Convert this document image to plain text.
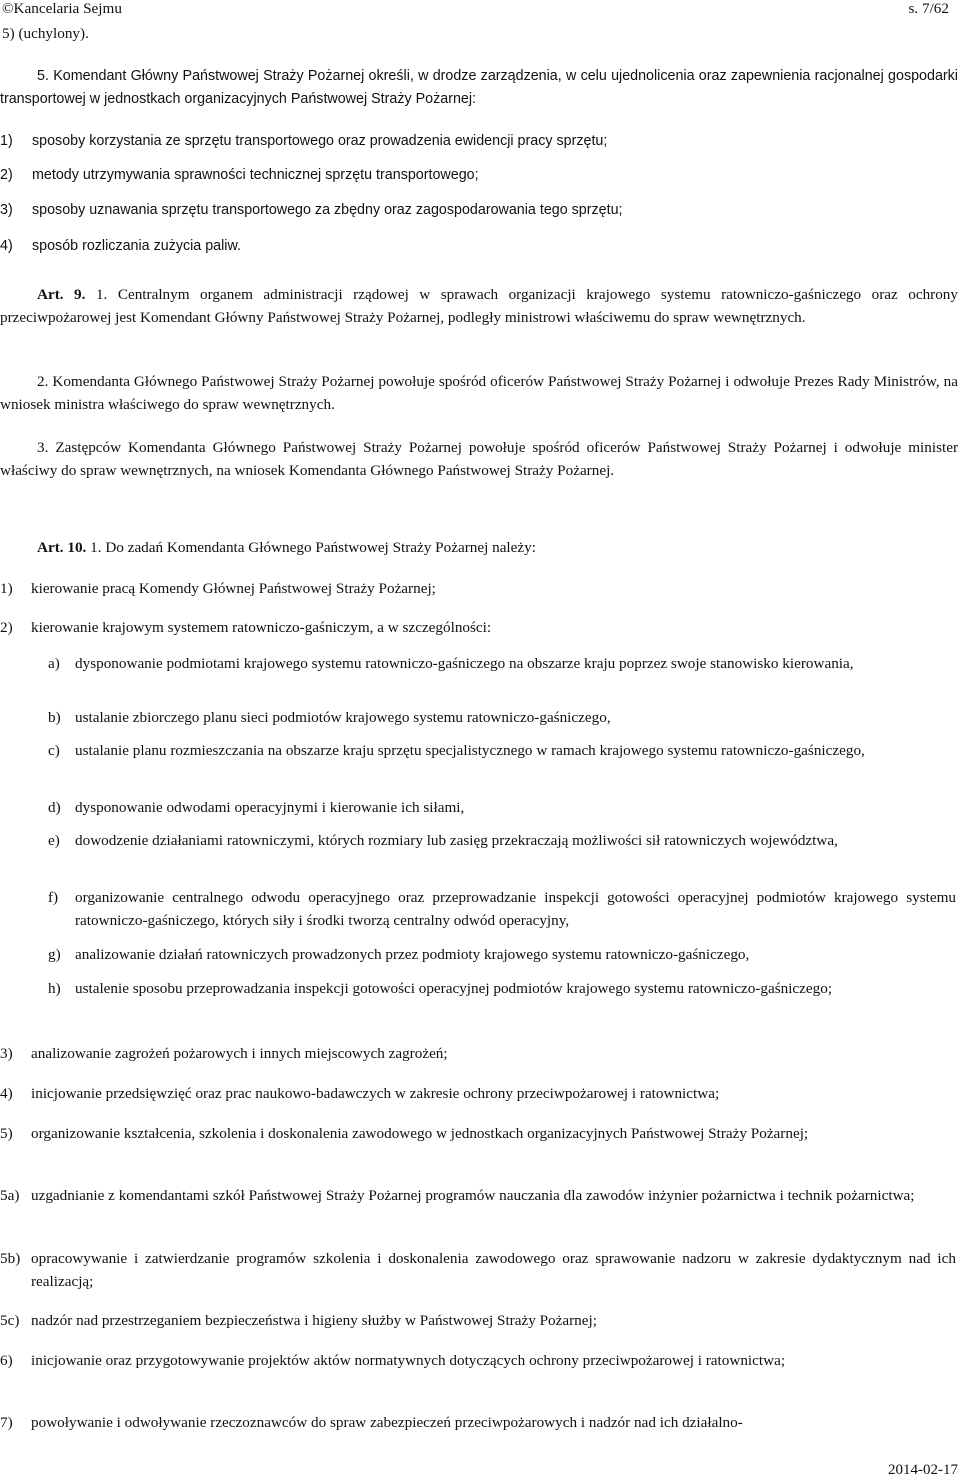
©Kancelaria Sejmu	s. 7/62
5) (uchylony).

5. Komendant Główny Państwowej Straży Pożarnej określi, w drodze zarządzenia, w celu ujednolicenia oraz zapewnienia racjonalnej gospodarki transportowej w jednostkach organizacyjnych Państwowej Straży Pożarnej:

1) sposoby korzystania ze sprzętu transportowego oraz prowadzenia ewidencji pracy sprzętu;
2) metody utrzymywania sprawności technicznej sprzętu transportowego;
3) sposoby uznawania sprzętu transportowego za zbędny oraz zagospodarowania tego sprzętu;
4) sposób rozliczania zużycia paliw.

Art. 9. 1. Centralnym organem administracji rządowej w sprawach organizacji krajowego systemu ratowniczo-gaśniczego oraz ochrony przeciwpożarowej jest Komendant Główny Państwowej Straży Pożarnej, podległy ministrowi właściwemu do spraw wewnętrznych.

2. Komendanta Głównego Państwowej Straży Pożarnej powołuje spośród oficerów Państwowej Straży Pożarnej i odwołuje Prezes Rady Ministrów, na wniosek ministra właściwego do spraw wewnętrznych.

3. Zastępców Komendanta Głównego Państwowej Straży Pożarnej powołuje spośród oficerów Państwowej Straży Pożarnej i odwołuje minister właściwy do spraw wewnętrznych, na wniosek Komendanta Głównego Państwowej Straży Pożarnej.

Art. 10. 1. Do zadań Komendanta Głównego Państwowej Straży Pożarnej należy:

1) kierowanie pracą Komendy Głównej Państwowej Straży Pożarnej;
2) kierowanie krajowym systemem ratowniczo-gaśniczym, a w szczególności:
a) dysponowanie podmiotami krajowego systemu ratowniczo-gaśniczego na obszarze kraju poprzez swoje stanowisko kierowania,
b) ustalanie zbiorczego planu sieci podmiotów krajowego systemu ratowniczo-gaśniczego,
c) ustalanie planu rozmieszczania na obszarze kraju sprzętu specjalistycznego w ramach krajowego systemu ratowniczo-gaśniczego,
d) dysponowanie odwodami operacyjnymi i kierowanie ich siłami,
e) dowodzenie działaniami ratowniczymi, których rozmiary lub zasięg przekraczają możliwości sił ratowniczych województwa,
f) organizowanie centralnego odwodu operacyjnego oraz przeprowadzanie inspekcji gotowości operacyjnej podmiotów krajowego systemu ratowniczo-gaśniczego, których siły i środki tworzą centralny odwód operacyjny,
g) analizowanie działań ratowniczych prowadzonych przez podmioty krajowego systemu ratowniczo-gaśniczego,
h) ustalenie sposobu przeprowadzania inspekcji gotowości operacyjnej podmiotów krajowego systemu ratowniczo-gaśniczego;
3) analizowanie zagrożeń pożarowych i innych miejscowych zagrożeń;
4) inicjowanie przedsięwzięć oraz prac naukowo-badawczych w zakresie ochrony przeciwpożarowej i ratownictwa;
5) organizowanie kształcenia, szkolenia i doskonalenia zawodowego w jednostkach organizacyjnych Państwowej Straży Pożarnej;
5a) uzgadnianie z komendantami szkół Państwowej Straży Pożarnej programów nauczania dla zawodów inżynier pożarnictwa i technik pożarnictwa;
5b) opracowywanie i zatwierdzanie programów szkolenia i doskonalenia zawodowego oraz sprawowanie nadzoru w zakresie dydaktycznym nad ich realizacją;
5c) nadzór nad przestrzeganiem bezpieczeństwa i higieny służby w Państwowej Straży Pożarnej;
6) inicjowanie oraz przygotowywanie projektów aktów normatywnych dotyczących ochrony przeciwpożarowej i ratownictwa;
7) powoływanie i odwoływanie rzeczoznawców do spraw zabezpieczeń przeciwpożarowych i nadzór nad ich działalno-
2014-02-17
